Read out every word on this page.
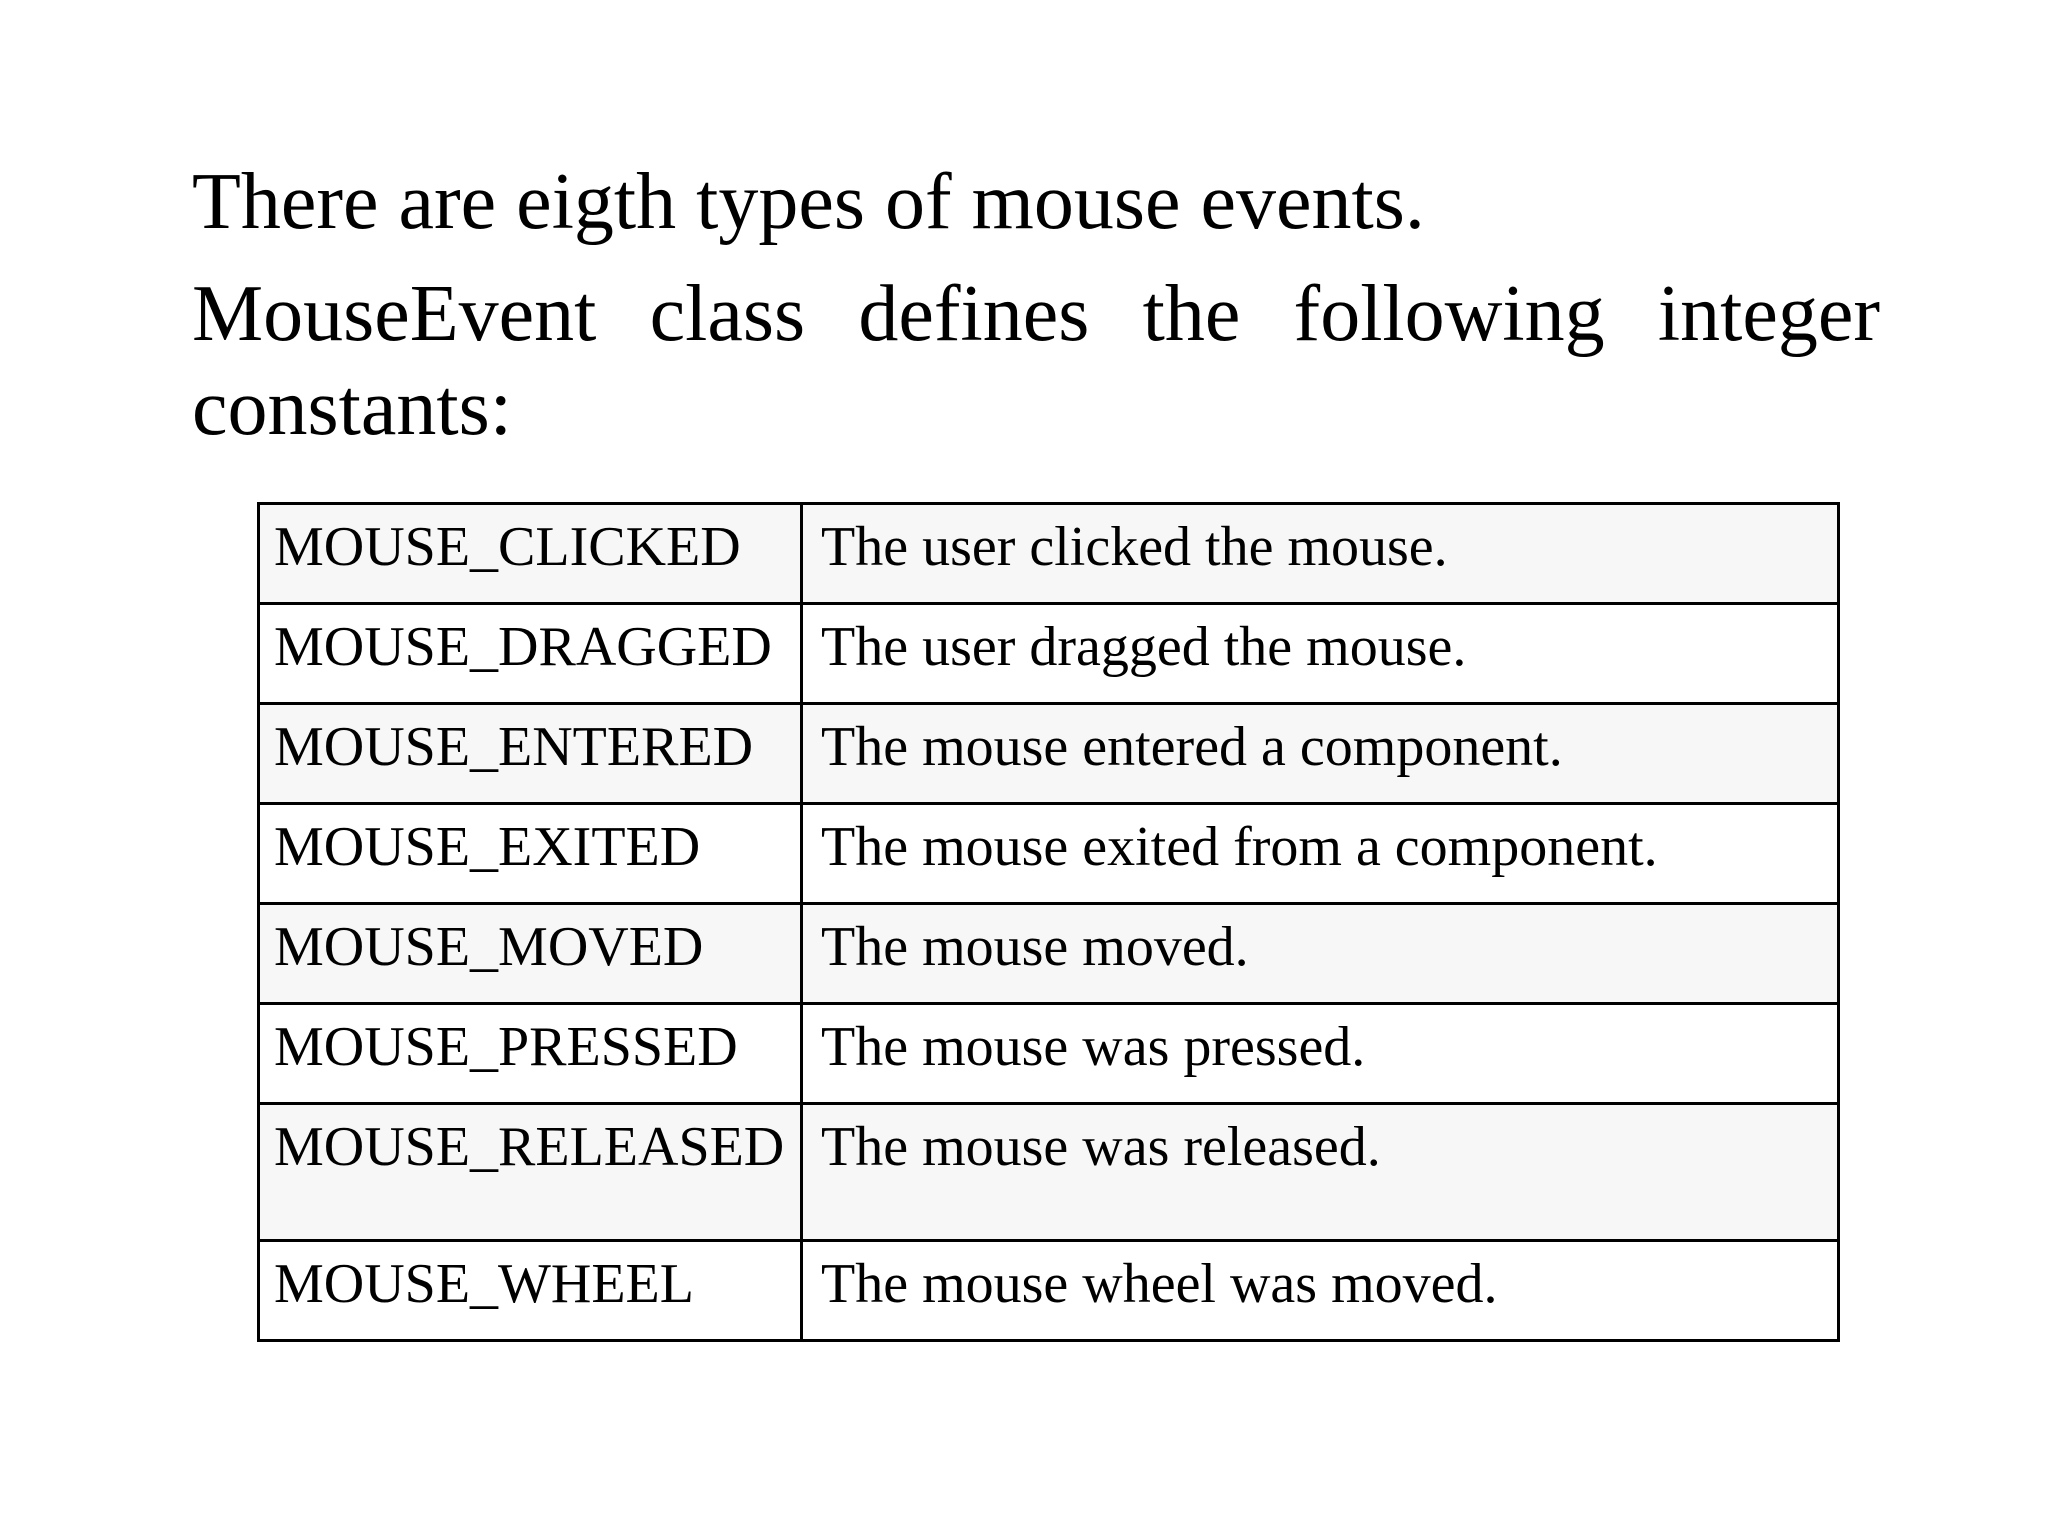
There are eigth types of mouse events.

MouseEvent class defines the following integer

constants:

MOUSE_CLICKED	The user clicked the mouse.
MOUSE_DRAGGED	The user dragged the mouse.
MOUSE_ENTERED	The mouse entered a component.
MOUSE_EXITED	The mouse exited from a component.
MOUSE_MOVED	The mouse moved.
MOUSE_PRESSED	The mouse was pressed.
MOUSE_RELEASED	The mouse was released.
MOUSE_WHEEL	The mouse wheel was moved.
